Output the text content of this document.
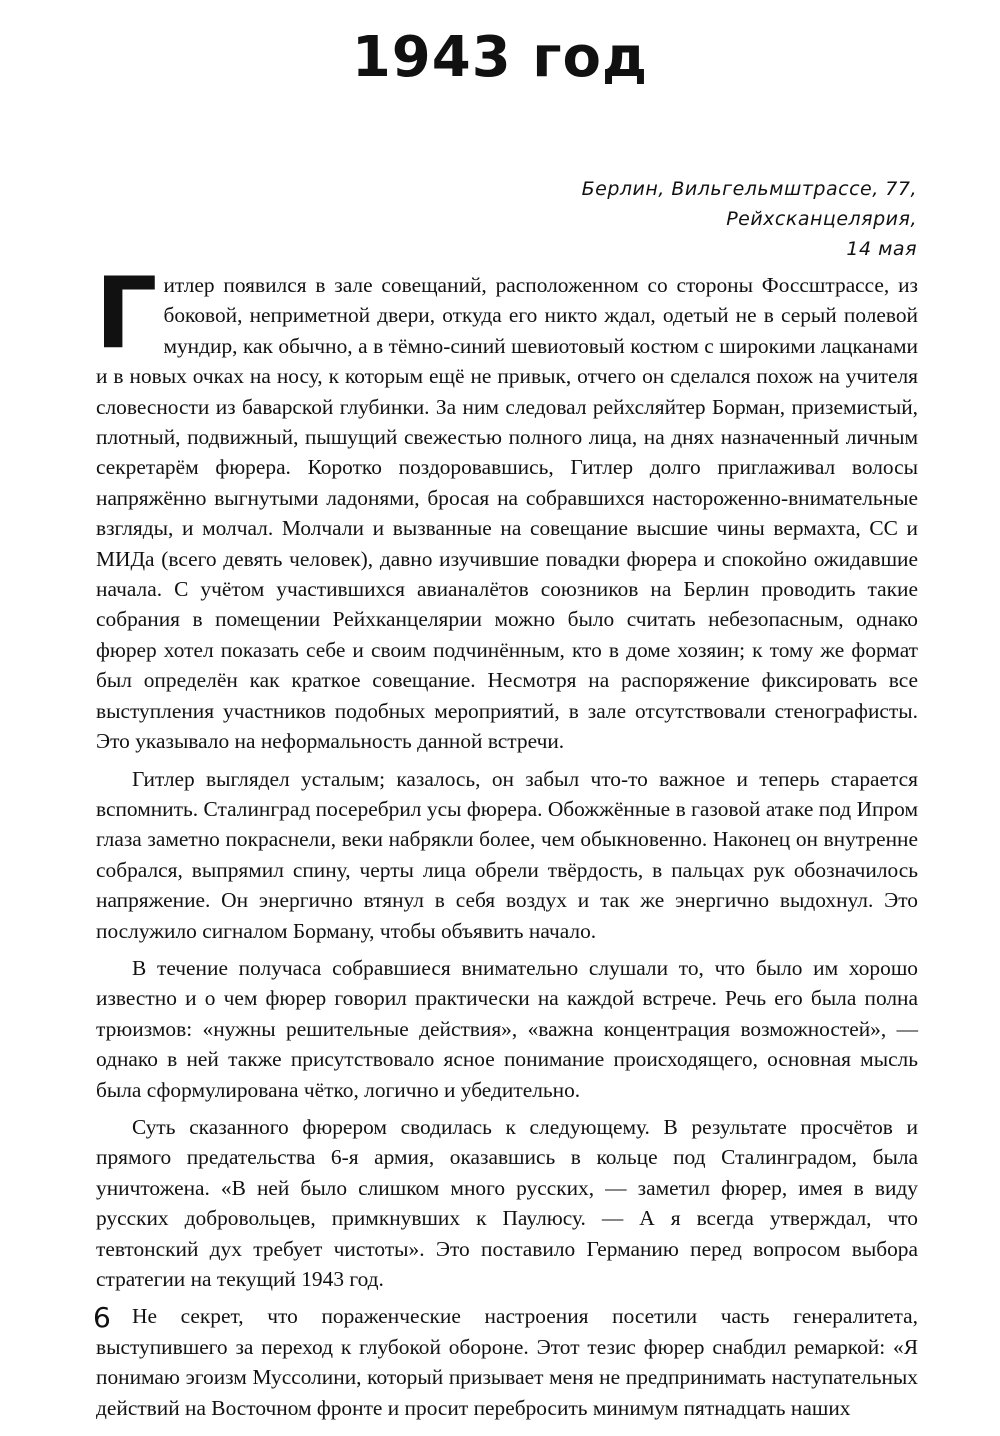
1943 год
Берлин, Вильгельмштрассе, 77,
Рейхсканцелярия,
14 мая

Гитлер появился в зале совещаний, расположенном со стороны Фоссштрассе, из боковой, неприметной двери, откуда его никто ждал, одетый не в серый полевой мундир, как обычно, а в тёмно-синий шевиотовый костюм с широкими лацканами и в новых очках на носу, к которым ещё не привык, отчего он сделался похож на учителя словесности из баварской глубинки. За ним следовал рейхсляйтер Борман, приземистый, плотный, подвижный, пышущий свежестью полного лица, на днях назначенный личным секретарём фюрера. Коротко поздоровавшись, Гитлер долго приглаживал волосы напряжённо выгнутыми ладонями, бросая на собравшихся настороженно-внимательные взгляды, и молчал. Молчали и вызванные на совещание высшие чины вермахта, СС и МИДа (всего девять человек), давно изучившие повадки фюрера и спокойно ожидавшие начала. С учётом участившихся авианалётов союзников на Берлин проводить такие собрания в помещении Рейхканцелярии можно было считать небезопасным, однако фюрер хотел показать себе и своим подчинённым, кто в доме хозяин; к тому же формат был определён как краткое совещание. Несмотря на распоряжение фиксировать все выступления участников подобных мероприятий, в зале отсутствовали стенографисты. Это указывало на неформальность данной встречи.

Гитлер выглядел усталым; казалось, он забыл что-то важное и теперь старается вспомнить. Сталинград посеребрил усы фюрера. Обожжённые в газовой атаке под Ипром глаза заметно покраснели, веки набрякли более, чем обыкновенно. Наконец он внутренне собрался, выпрямил спину, черты лица обрели твёрдость, в пальцах рук обозначилось напряжение. Он энергично втянул в себя воздух и так же энергично выдохнул. Это послужило сигналом Борману, чтобы объявить начало.

В течение получаса собравшиеся внимательно слушали то, что было им хорошо известно и о чем фюрер говорил практически на каждой встрече. Речь его была полна трюизмов: «нужны решительные действия», «важна концентрация возможностей», — однако в ней также присутствовало ясное понимание происходящего, основная мысль была сформулирована чётко, логично и убедительно.

Суть сказанного фюрером сводилась к следующему. В результате просчётов и прямого предательства 6-я армия, оказавшись в кольце под Сталинградом, была уничтожена. «В ней было слишком много русских, — заметил фюрер, имея в виду русских добровольцев, примкнувших к Паулюсу. — А я всегда утверждал, что тевтонский дух требует чистоты». Это поставило Германию перед вопросом выбора стратегии на текущий 1943 год.

Не секрет, что пораженческие настроения посетили часть генералитета, выступившего за переход к глубокой обороне. Этот тезис фюрер снабдил ремаркой: «Я понимаю эгоизм Муссолини, который призывает меня не предпринимать наступательных действий на Восточном фронте и просит перебросить минимум пятнадцать наших

6
